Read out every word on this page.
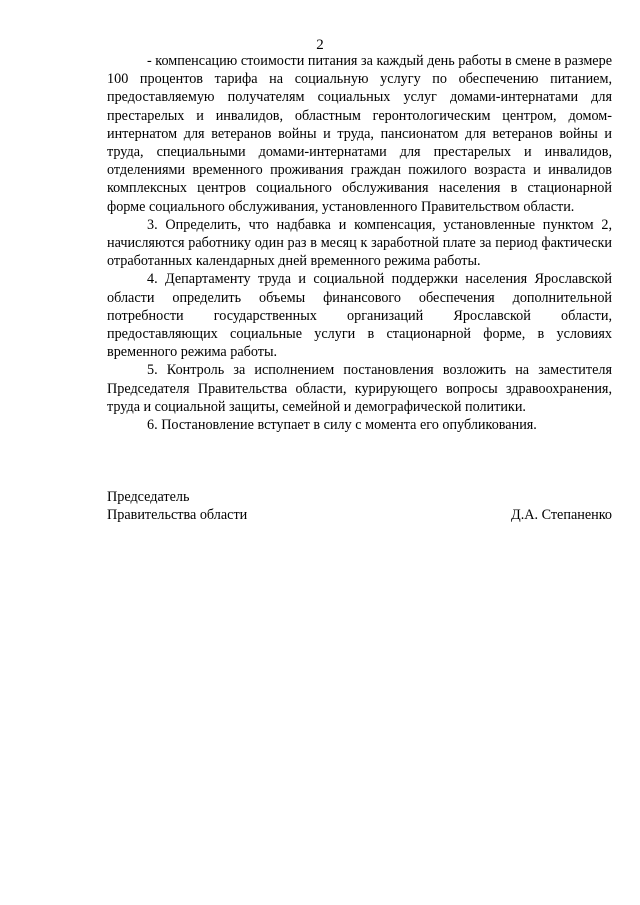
2

- компенсацию стоимости питания за каждый день работы в смене в размере 100 процентов тарифа на социальную услугу по обеспечению питанием, предоставляемую получателям социальных услуг домами-интернатами для престарелых и инвалидов, областным геронтологическим центром, домом-интернатом для ветеранов войны и труда, пансионатом для ветеранов войны и труда, специальными домами-интернатами для престарелых и инвалидов, отделениями временного проживания граждан пожилого возраста и инвалидов комплексных центров социального обслуживания населения в стационарной форме социального обслуживания, установленного Правительством области.

3. Определить, что надбавка и компенсация, установленные пунктом 2, начисляются работнику один раз в месяц к заработной плате за период фактически отработанных календарных дней временного режима работы.

4. Департаменту труда и социальной поддержки населения Ярославской области определить объемы финансового обеспечения дополнительной потребности государственных организаций Ярославской области, предоставляющих социальные услуги в стационарной форме, в условиях временного режима работы.

5. Контроль за исполнением постановления возложить на заместителя Председателя Правительства области, курирующего вопросы здравоохранения, труда и социальной защиты, семейной и демографической политики.

6. Постановление вступает в силу с момента его опубликования.

Председатель
Правительства области	Д.А. Степаненко
